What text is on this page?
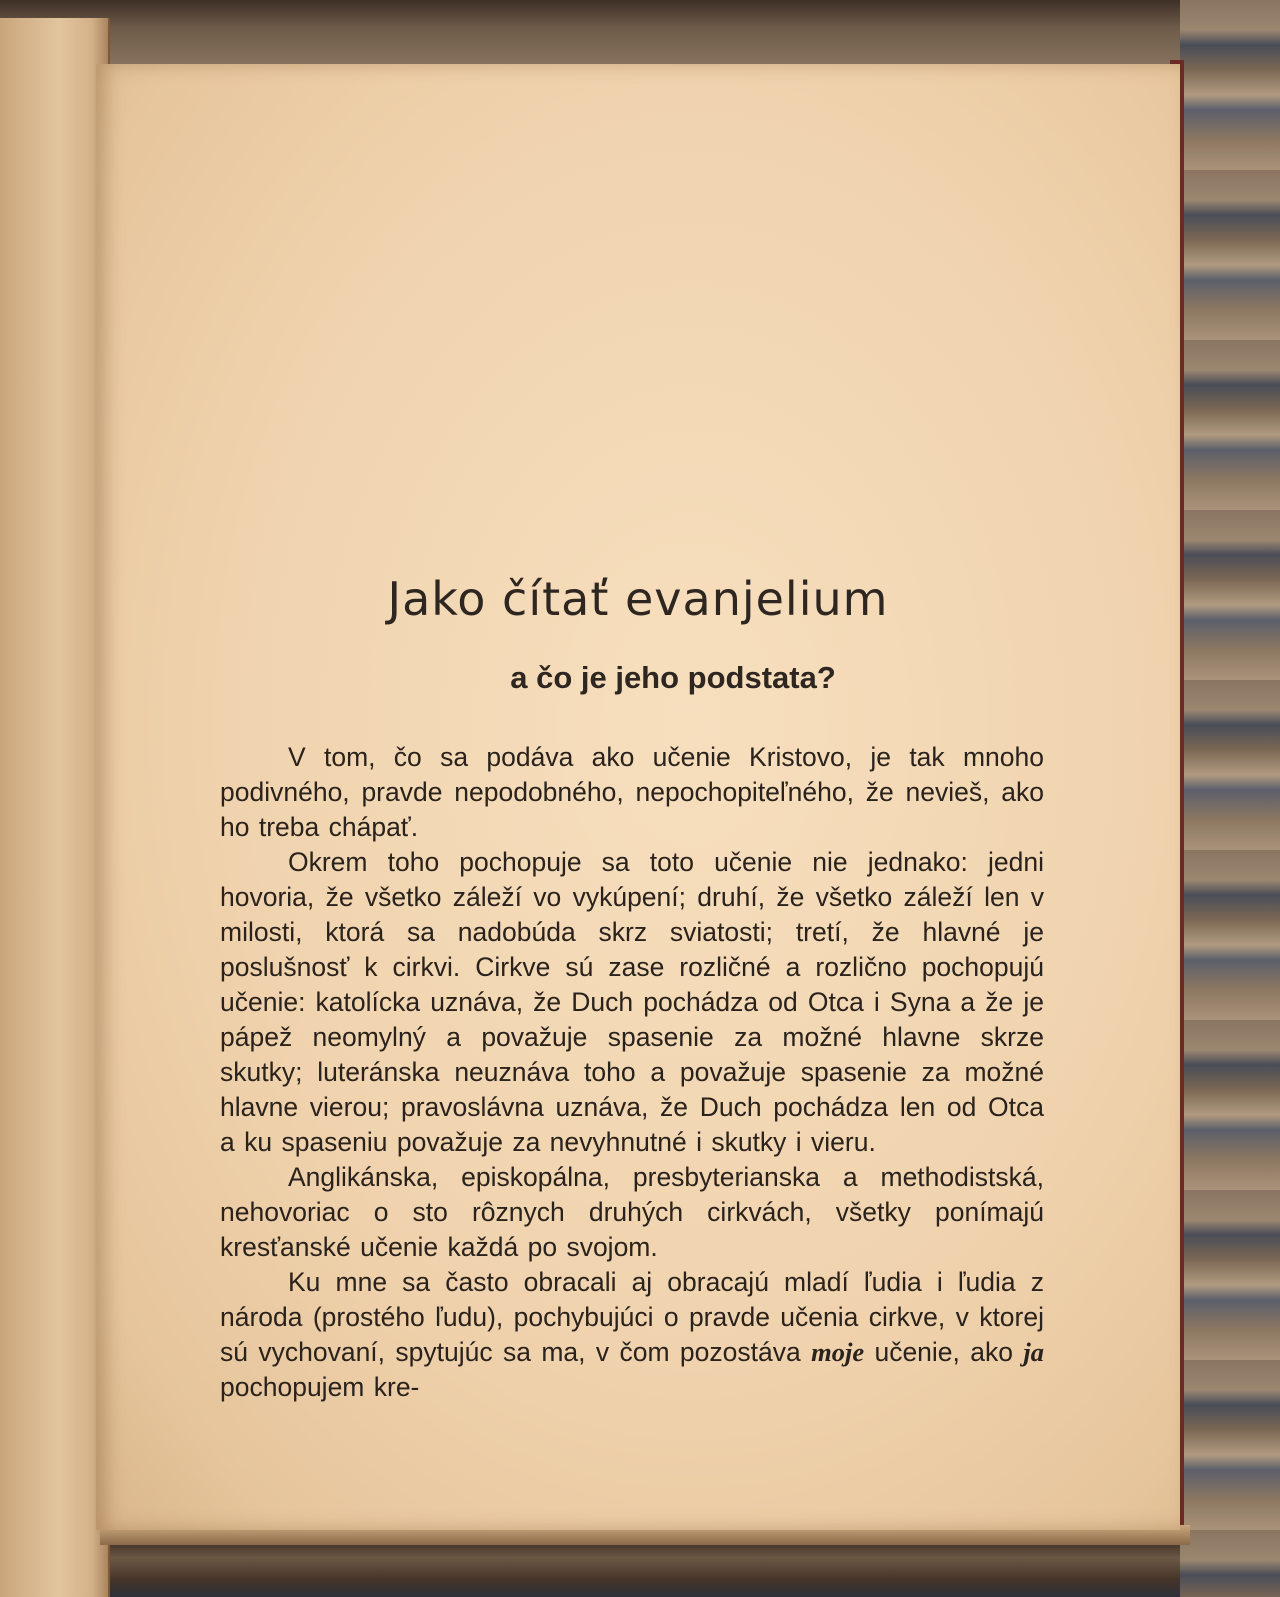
Jako čítať evanjelium
a čo je jeho podstata?

V tom, čo sa podáva ako učenie Kristovo, je tak mnoho podivného, pravde nepodobného, nepochopiteľného, že nevieš, ako ho treba chápať.

Okrem toho pochopuje sa toto učenie nie jednako: jedni hovoria, že všetko záleží vo vykúpení; druhí, že všetko záleží len v milosti, ktorá sa nadobúda skrz sviatosti; tretí, že hlavné je poslušnosť k cirkvi. Cirkve sú zase rozličné a rozlično pochopujú učenie: katolícka uznáva, že Duch pochádza od Otca i Syna a že je pápež neomylný a považuje spasenie za možné hlavne skrze skutky; luteránska neuznáva toho a považuje spasenie za možné hlavne vierou; pravoslávna uznáva, že Duch pochádza len od Otca a ku spaseniu považuje za nevyhnutné i skutky i vieru.

Anglikánska, episkopálna, presbyterianska a methodistská, nehovoriac o sto rôznych druhých cirkvách, všetky ponímajú kresťanské učenie každá po svojom.

Ku mne sa často obracali aj obracajú mladí ľudia i ľudia z národa (prostého ľudu), pochybujúci o pravde učenia cirkve, v ktorej sú vychovaní, spytujúc sa ma, v čom pozostáva moje učenie, ako ja pochopujem kre-
